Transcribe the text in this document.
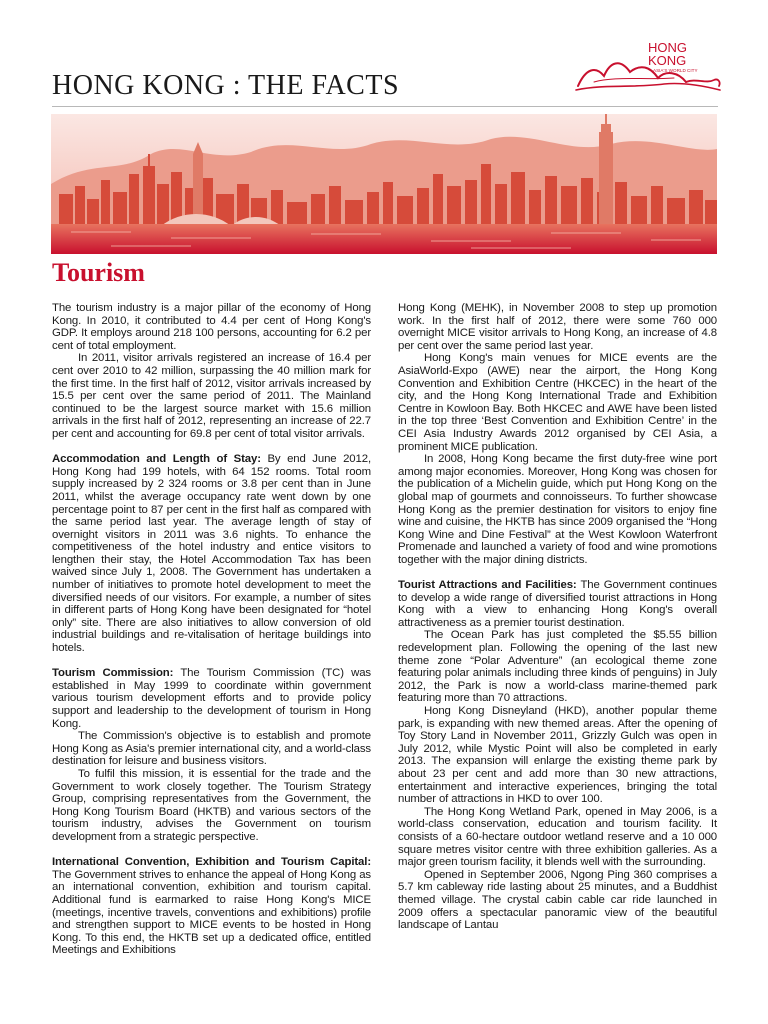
HONG KONG : THE FACTS
HONG
KONG
ASIA'S WORLD CITY
Tourism

The tourism industry is a major pillar of the economy of Hong Kong. In 2010, it contributed to 4.4 per cent of Hong Kong's GDP. It employs around 218 100 persons, accounting for 6.2 per cent of total employment.

In 2011, visitor arrivals registered an increase of 16.4 per cent over 2010 to 42 million, surpassing the 40 million mark for the first time. In the first half of 2012, visitor arrivals increased by 15.5 per cent over the same period of 2011. The Mainland continued to be the largest source market with 15.6 million arrivals in the first half of 2012, representing an increase of 22.7 per cent and accounting for 69.8 per cent of total visitor arrivals.

Accommodation and Length of Stay: By end June 2012, Hong Kong had 199 hotels, with 64 152 rooms. Total room supply increased by 2 324 rooms or 3.8 per cent than in June 2011, whilst the average occupancy rate went down by one percentage point to 87 per cent in the first half as compared with the same period last year. The average length of stay of overnight visitors in 2011 was 3.6 nights. To enhance the competitiveness of the hotel industry and entice visitors to lengthen their stay, the Hotel Accommodation Tax has been waived since July 1, 2008. The Government has undertaken a number of initiatives to promote hotel development to meet the diversified needs of our visitors. For example, a number of sites in different parts of Hong Kong have been designated for “hotel only” site. There are also initiatives to allow conversion of old industrial buildings and re-vitalisation of heritage buildings into hotels.

Tourism Commission: The Tourism Commission (TC) was established in May 1999 to coordinate within government various tourism development efforts and to provide policy support and leadership to the development of tourism in Hong Kong.

The Commission's objective is to establish and promote Hong Kong as Asia's premier international city, and a world-class destination for leisure and business visitors.

To fulfil this mission, it is essential for the trade and the Government to work closely together. The Tourism Strategy Group, comprising representatives from the Government, the Hong Kong Tourism Board (HKTB) and various sectors of the tourism industry, advises the Government on tourism development from a strategic perspective.

International Convention, Exhibition and Tourism Capital: The Government strives to enhance the appeal of Hong Kong as an international convention, exhibition and tourism capital. Additional fund is earmarked to raise Hong Kong's MICE (meetings, incentive travels, conventions and exhibitions) profile and strengthen support to MICE events to be hosted in Hong Kong. To this end, the HKTB set up a dedicated office, entitled Meetings and Exhibitions

Hong Kong (MEHK), in November 2008 to step up promotion work. In the first half of 2012, there were some 760 000 overnight MICE visitor arrivals to Hong Kong, an increase of 4.8 per cent over the same period last year.

Hong Kong's main venues for MICE events are the AsiaWorld-Expo (AWE) near the airport, the Hong Kong Convention and Exhibition Centre (HKCEC) in the heart of the city, and the Hong Kong International Trade and Exhibition Centre in Kowloon Bay. Both HKCEC and AWE have been listed in the top three ‘Best Convention and Exhibition Centre’ in the CEI Asia Industry Awards 2012 organised by CEI Asia, a prominent MICE publication.

In 2008, Hong Kong became the first duty-free wine port among major economies. Moreover, Hong Kong was chosen for the publication of a Michelin guide, which put Hong Kong on the global map of gourmets and connoisseurs. To further showcase Hong Kong as the premier destination for visitors to enjoy fine wine and cuisine, the HKTB has since 2009 organised the “Hong Kong Wine and Dine Festival” at the West Kowloon Waterfront Promenade and launched a variety of food and wine promotions together with the major dining districts.

Tourist Attractions and Facilities: The Government continues to develop a wide range of diversified tourist attractions in Hong Kong with a view to enhancing Hong Kong's overall attractiveness as a premier tourist destination.

The Ocean Park has just completed the $5.55 billion redevelopment plan. Following the opening of the last new theme zone “Polar Adventure” (an ecological theme zone featuring polar animals including three kinds of penguins) in July 2012, the Park is now a world-class marine-themed park featuring more than 70 attractions.

Hong Kong Disneyland (HKD), another popular theme park, is expanding with new themed areas. After the opening of Toy Story Land in November 2011, Grizzly Gulch was open in July 2012, while Mystic Point will also be completed in early 2013. The expansion will enlarge the existing theme park by about 23 per cent and add more than 30 new attractions, entertainment and interactive experiences, bringing the total number of attractions in HKD to over 100.

The Hong Kong Wetland Park, opened in May 2006, is a world-class conservation, education and tourism facility. It consists of a 60-hectare outdoor wetland reserve and a 10 000 square metres visitor centre with three exhibition galleries. As a major green tourism facility, it blends well with the surrounding.

Opened in September 2006, Ngong Ping 360 comprises a 5.7 km cableway ride lasting about 25 minutes, and a Buddhist themed village. The crystal cabin cable car ride launched in 2009 offers a spectacular panoramic view of the beautiful landscape of Lantau
